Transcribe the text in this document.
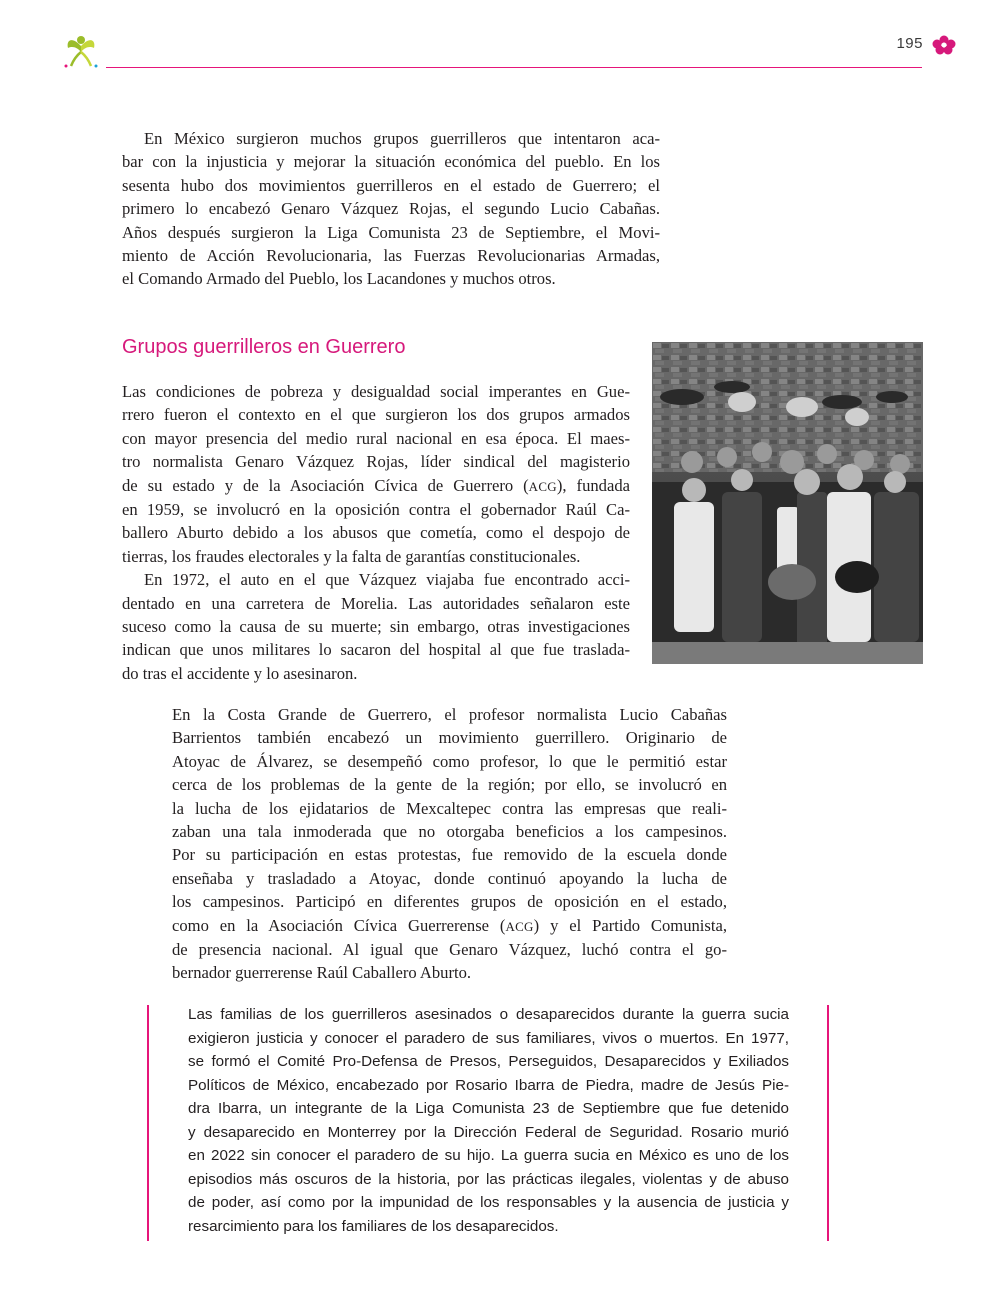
195
En México surgieron muchos grupos guerrilleros que intentaron aca-
bar con la injusticia y mejorar la situación económica del pueblo. En los
sesenta hubo dos movimientos guerrilleros en el estado de Guerrero; el
primero lo encabezó Genaro Vázquez Rojas, el segundo Lucio Cabañas.
Años después surgieron la Liga Comunista 23 de Septiembre, el Movi-
miento de Acción Revolucionaria, las Fuerzas Revolucionarias Armadas,
el Comando Armado del Pueblo, los Lacandones y muchos otros.
Grupos guerrilleros en Guerrero
Las condiciones de pobreza y desigualdad social imperantes en Gue-
rrero fueron el contexto en el que surgieron los dos grupos armados
con mayor presencia del medio rural nacional en esa época. El maes-
tro normalista Genaro Vázquez Rojas, líder sindical del magisterio
de su estado y de la Asociación Cívica de Guerrero (ACG), fundada
en 1959, se involucró en la oposición contra el gobernador Raúl Ca-
ballero Aburto debido a los abusos que cometía, como el despojo de
tierras, los fraudes electorales y la falta de garantías constitucionales.
En 1972, el auto en el que Vázquez viajaba fue encontrado acci-
dentado en una carretera de Morelia. Las autoridades señalaron este
suceso como la causa de su muerte; sin embargo, otras investigaciones
indican que unos militares lo sacaron del hospital al que fue traslada-
do tras el accidente y lo asesinaron.
En la Costa Grande de Guerrero, el profesor normalista Lucio Cabañas
Barrientos también encabezó un movimiento guerrillero. Originario de
Atoyac de Álvarez, se desempeñó como profesor, lo que le permitió estar
cerca de los problemas de la gente de la región; por ello, se involucró en
la lucha de los ejidatarios de Mexcaltepec contra las empresas que reali-
zaban una tala inmoderada que no otorgaba beneficios a los campesinos.
Por su participación en estas protestas, fue removido de la escuela donde
enseñaba y trasladado a Atoyac, donde continuó apoyando la lucha de
los campesinos. Participó en diferentes grupos de oposición en el estado,
como en la Asociación Cívica Guerrerense (ACG) y el Partido Comunista,
de presencia nacional. Al igual que Genaro Vázquez, luchó contra el go-
bernador guerrerense Raúl Caballero Aburto.
Las familias de los guerrilleros asesinados o desaparecidos durante la guerra sucia
exigieron justicia y conocer el paradero de sus familiares, vivos o muertos. En 1977,
se formó el Comité Pro-Defensa de Presos, Perseguidos, Desaparecidos y Exiliados
Políticos de México, encabezado por Rosario Ibarra de Piedra, madre de Jesús Pie-
dra Ibarra, un integrante de la Liga Comunista 23 de Septiembre que fue detenido
y desaparecido en Monterrey por la Dirección Federal de Seguridad. Rosario murió
en 2022 sin conocer el paradero de su hijo. La guerra sucia en México es uno de los
episodios más oscuros de la historia, por las prácticas ilegales, violentas y de abuso
de poder, así como por la impunidad de los responsables y la ausencia de justicia y
resarcimiento para los familiares de los desaparecidos.
